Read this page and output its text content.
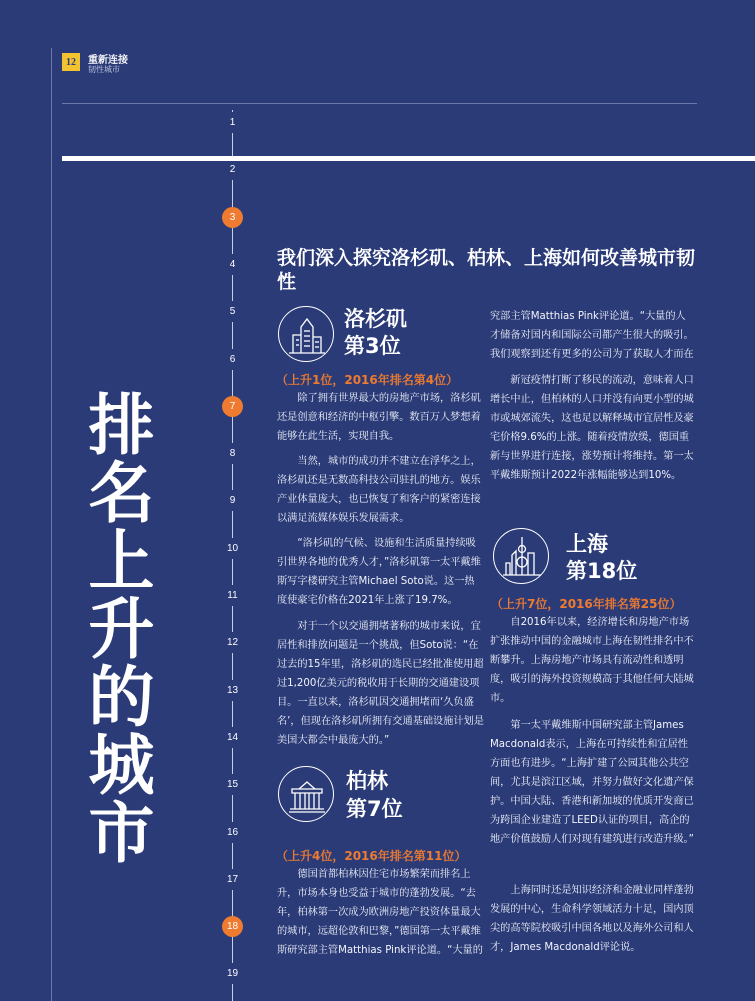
12	重新连接
韧性城市
1
2
3
4
5
6
7
8
9
10
11
12
13
14
15
16
17
18
19
排名上升的城市
我们深入探究洛杉矶、柏林、上海如何改善城市韧性
洛杉矶
第3位
（上升1位，2016年排名第4位）
除了拥有世界最大的房地产市场，洛杉矶还是创意和经济的中枢引擎。数百万人梦想着能够在此生活，实现自我。
当然，城市的成功并不建立在浮华之上，洛杉矶还是无数高科技公司驻扎的地方。娱乐产业体量庞大，也已恢复了和客户的紧密连接以满足流媒体娱乐发展需求。
“洛杉矶的气候、设施和生活质量持续吸引世界各地的优秀人才，”洛杉矶第一太平戴维斯写字楼研究主管Michael Soto说。这一热度使豪宅价格在2021年上涨了19.7%。
对于一个以交通拥堵著称的城市来说，宜居性和排放问题是一个挑战，但Soto说：“在过去的15年里，洛杉矶的选民已经批准使用超过1,200亿美元的税收用于长期的交通建设项目。一直以来，洛杉矶因交通拥堵而‘久负盛名’，但现在洛杉矶所拥有交通基础设施计划是美国大都会中最庞大的。”
柏林
第7位
（上升4位，2016年排名第11位）
德国首都柏林因住宅市场繁荣而排名上升，市场本身也受益于城市的蓬勃发展。“去年，柏林第一次成为欧洲房地产投资体量最大的城市，远超伦敦和巴黎，”德国第一太平戴维斯研究部主管Matthias Pink评论道。“大量的
究部主管Matthias Pink评论道。“大量的人才储备对国内和国际公司都产生很大的吸引。我们观察到还有更多的公司为了获取人才而在
新冠疫情打断了移民的流动，意味着人口增长中止，但柏林的人口并没有向更小型的城市或城郊流失，这也足以解释城市宜居性及豪宅价格9.6%的上涨。随着疫情放缓，德国重新与世界进行连接，涨势预计将维持。第一太平戴维斯预计2022年涨幅能够达到10%。
上海
第18位
（上升7位，2016年排名第25位）
自2016年以来，经济增长和房地产市场扩张推动中国的金融城市上海在韧性排名中不断攀升。上海房地产市场具有流动性和透明度，吸引的海外投资规模高于其他任何大陆城市。
第一太平戴维斯中国研究部主管James Macdonald表示，上海在可持续性和宜居性方面也有进步。“上海扩建了公园其他公共空间，尤其是滨江区域，并努力做好文化遗产保护。中国大陆、香港和新加坡的优质开发商已为跨国企业建造了LEED认证的项目，高企的地产价值鼓励人们对现有建筑进行改造升级。”
上海同时还是知识经济和金融业同样蓬勃发展的中心，生命科学领域活力十足，国内顶尖的高等院校吸引中国各地以及海外公司和人才，James Macdonald评论说。
